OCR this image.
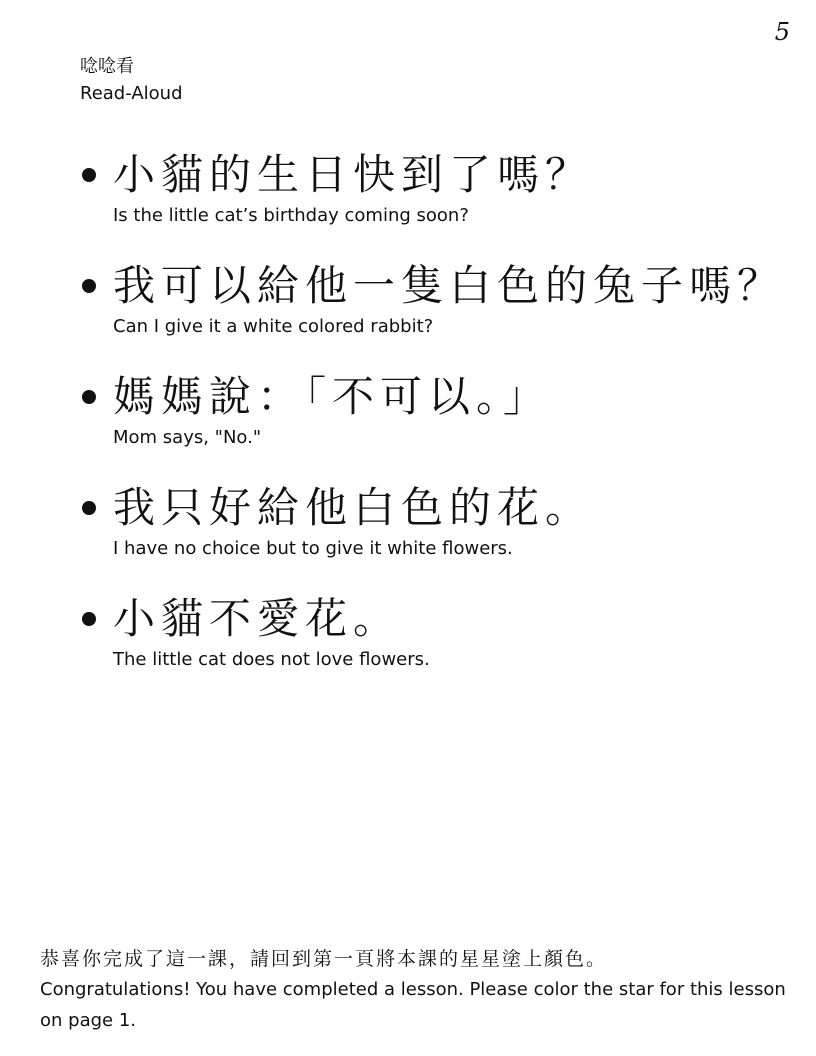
5
唸唸看
Read-Aloud
小貓的生日快到了嗎？
Is the little cat’s birthday coming soon?
我可以給他一隻白色的兔子嗎？
Can I give it a white colored rabbit?
媽媽說：「不可以。」
Mom says, "No."
我只好給他白色的花。
I have no choice but to give it white flowers.
小貓不愛花。
The little cat does not love flowers.
恭喜你完成了這一課，請回到第一頁將本課的星星塗上顏色。
Congratulations! You have completed a lesson. Please color the star for this lesson on page 1.
